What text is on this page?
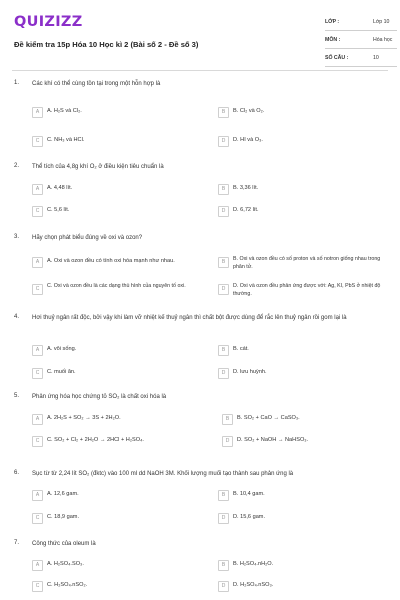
QUIZIZZ
Đề kiểm tra 15p Hóa 10 Học kì 2 (Bài số 2 - Đề số 3)
LỚP :	Lớp 10
MÔN :	Hóa học
SỐ CÂU :	10
1. Các khí có thể cùng tồn tại trong một hỗn hợp là
A	A. H₂S và Cl₂.	B	B. Cl₂ và O₂.
C	C. NH₃ và HCl.	D	D. HI và O₃.
2. Thể tích của 4,8g khí O₂ ở điều kiện tiêu chuẩn là
A	A. 4,48 lít.	B	B. 3,36 lít.
C	C. 5,6 lít.	D	D. 6,72 lít.
3. Hãy chọn phát biểu đúng về oxi và ozon?
A	A. Oxi và ozon đều có tính oxi hóa mạnh như nhau.	B	B. Oxi và ozon đều có số proton và số notron giống nhau trong phân tử.
C	C. Oxi và ozon đều là các dạng thù hình của nguyên tố oxi.	D	D. Oxi và ozon đều phản ứng được với: Ag, KI, PbS ở nhiệt độ thường.
4. Hơi thuỷ ngân rất độc, bởi vậy khi làm vỡ nhiệt kế thuỷ ngân thì chất bột được dùng để rắc lên thuỷ ngân rồi gom lại là
A	A. vôi sống.	B	B. cát.
C	C. muối ăn.	D	D. lưu huỳnh.
5. Phản ứng hóa học chứng tỏ SO₂ là chất oxi hóa là
A	A. 2H₂S + SO₂ → 3S + 2H₂O.	B	B. SO₂ + CaO → CaSO₃.
C	C. SO₂ + Cl₂ + 2H₂O → 2HCl + H₂SO₄.	D	D. SO₂ + NaOH → NaHSO₃.
6. Sục từ từ 2,24 lít SO₂ (đktc) vào 100 ml dd NaOH 3M. Khối lượng muối tạo thành sau phản ứng là
A	A. 12,6 gam.	B	B. 10,4 gam.
C	C. 18,9 gam.	D	D. 15,6 gam.
7. Công thức của oleum là
A	A. H₂SO₄.SO₃.	B	B. H₂SO₄.nH₂O.
C	C. H₂SO₄.nSO₂.	D	D. H₂SO₄.nSO₃.
